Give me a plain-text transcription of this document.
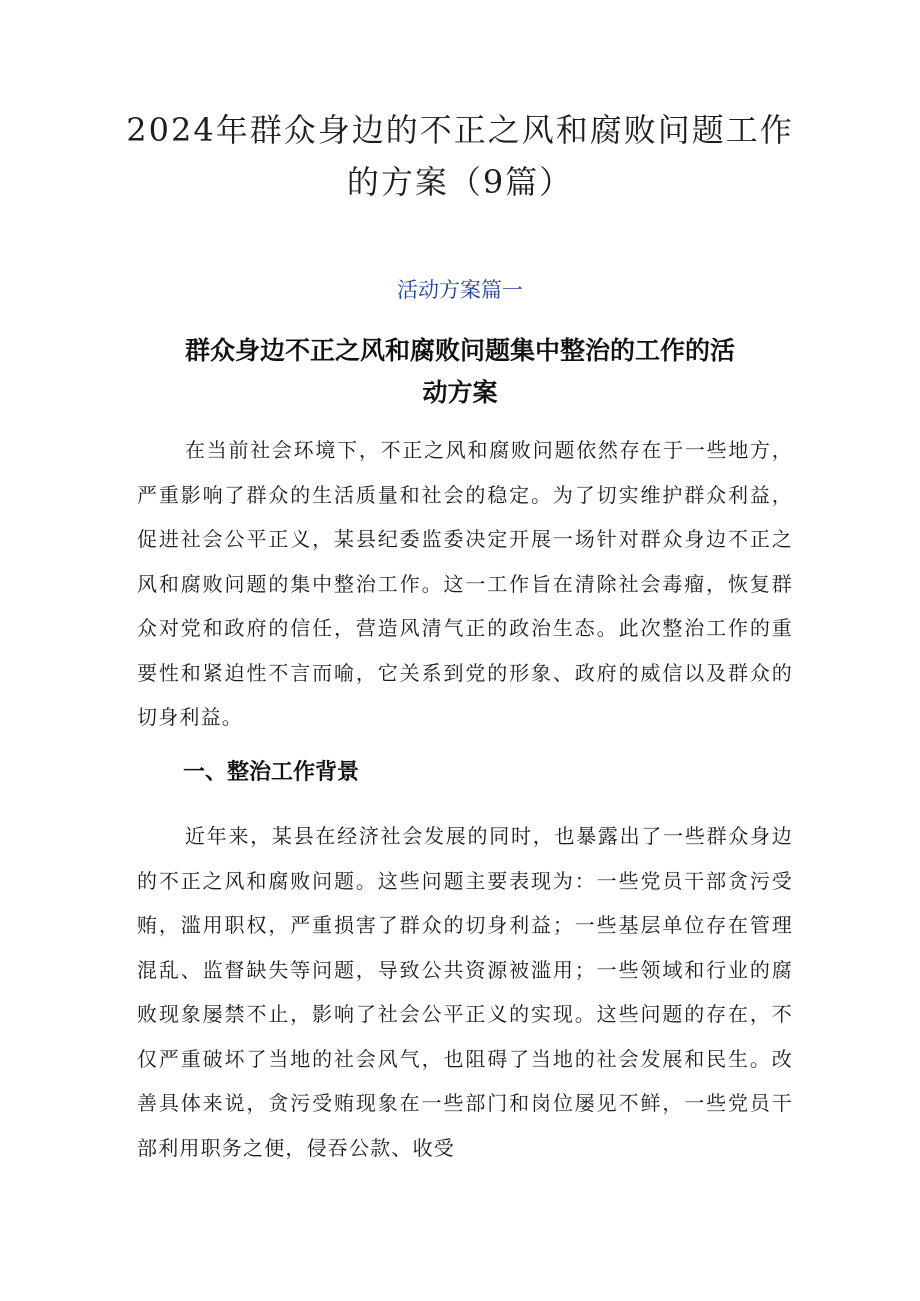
2024年群众身边的不正之风和腐败问题工作的方案（9篇）
活动方案篇一
群众身边不正之风和腐败问题集中整治的工作的活动方案

在当前社会环境下，不正之风和腐败问题依然存在于一些地方，严重影响了群众的生活质量和社会的稳定。为了切实维护群众利益，促进社会公平正义，某县纪委监委决定开展一场针对群众身边不正之风和腐败问题的集中整治工作。这一工作旨在清除社会毒瘤，恢复群众对党和政府的信任，营造风清气正的政治生态。此次整治工作的重要性和紧迫性不言而喻，它关系到党的形象、政府的威信以及群众的切身利益。

一、整治工作背景

近年来，某县在经济社会发展的同时，也暴露出了一些群众身边的不正之风和腐败问题。这些问题主要表现为：一些党员干部贪污受贿，滥用职权，严重损害了群众的切身利益；一些基层单位存在管理混乱、监督缺失等问题，导致公共资源被滥用；一些领域和行业的腐败现象屡禁不止，影响了社会公平正义的实现。这些问题的存在，不仅严重破坏了当地的社会风气，也阻碍了当地的社会发展和民生。改善具体来说，贪污受贿现象在一些部门和岗位屡见不鲜，一些党员干部利用职务之便，侵吞公款、收受
